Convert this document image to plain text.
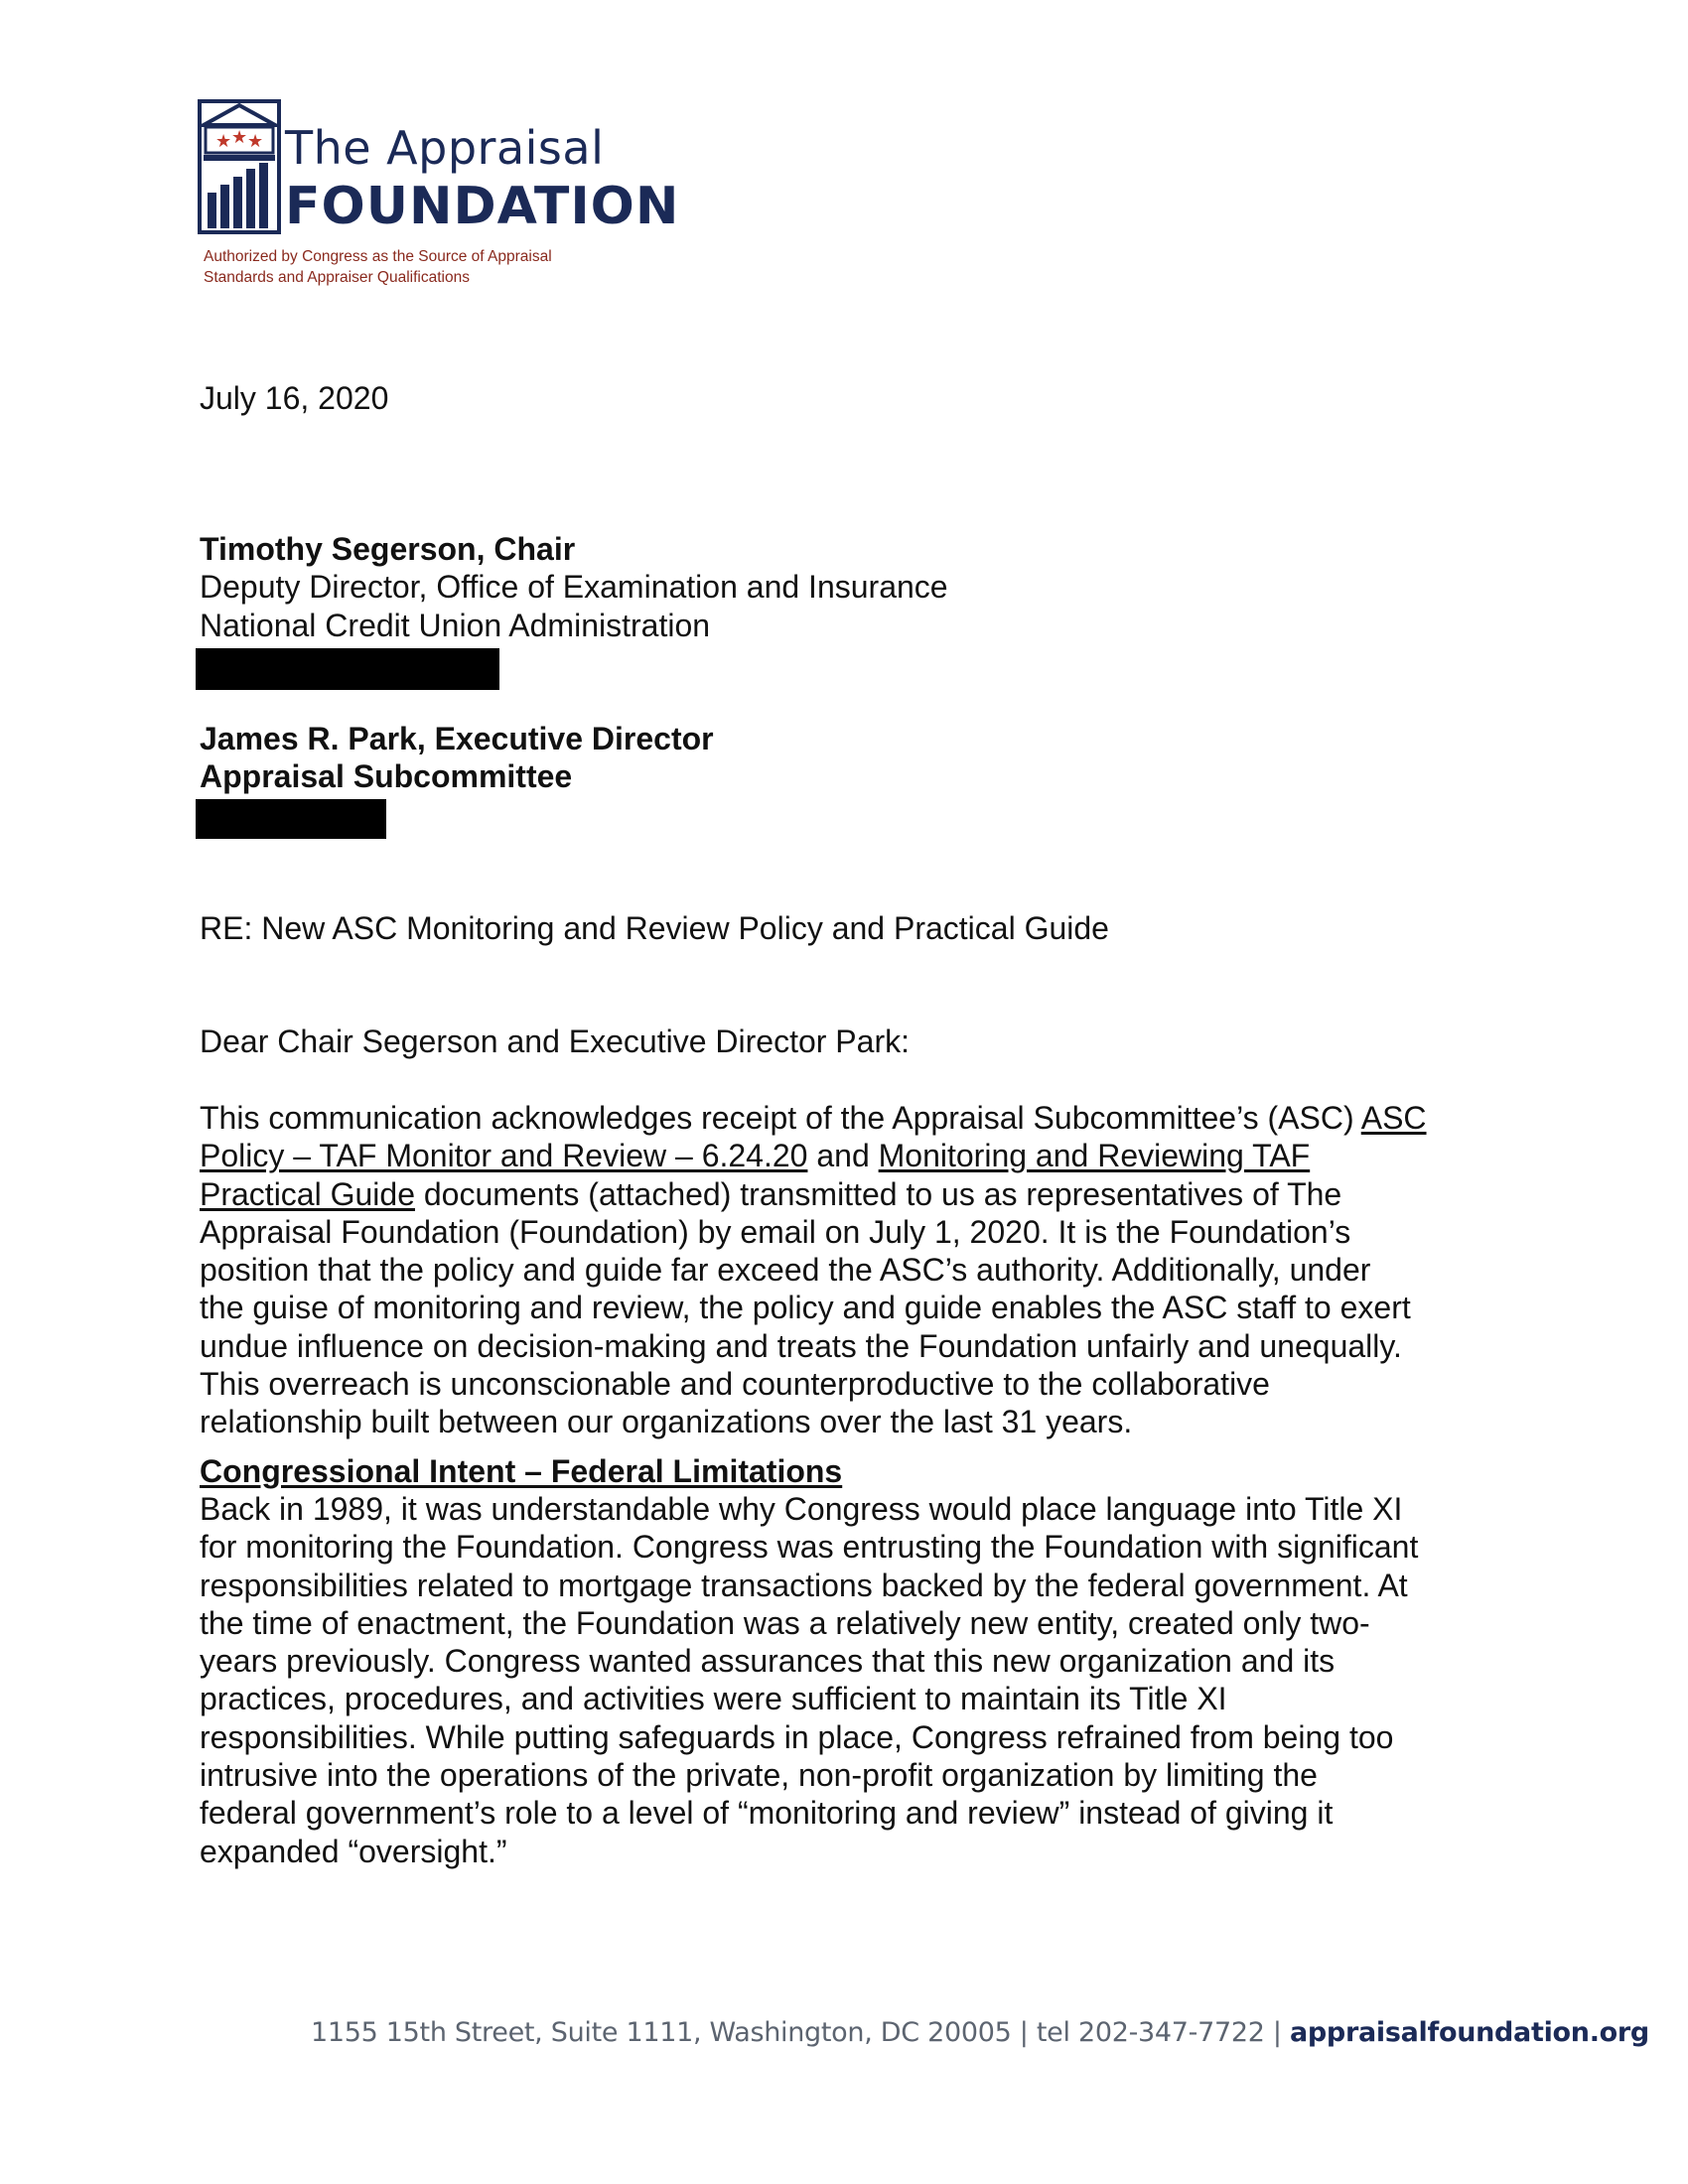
★ ★ ★ The Appraisal
FOUNDATION
Authorized by Congress as the Source of Appraisal
Standards and Appraiser Qualifications
July 16, 2020
Timothy Segerson, Chair
Deputy Director, Office of Examination and Insurance
National Credit Union Administration
James R. Park, Executive Director
Appraisal Subcommittee
RE: New ASC Monitoring and Review Policy and Practical Guide
Dear Chair Segerson and Executive Director Park:
This communication acknowledges receipt of the Appraisal Subcommittee’s (ASC) ASC
Policy – TAF Monitor and Review – 6.24.20 and Monitoring and Reviewing TAF
Practical Guide documents (attached) transmitted to us as representatives of The
Appraisal Foundation (Foundation) by email on July 1, 2020. It is the Foundation’s
position that the policy and guide far exceed the ASC’s authority. Additionally, under
the guise of monitoring and review, the policy and guide enables the ASC staff to exert
undue influence on decision-making and treats the Foundation unfairly and unequally.
This overreach is unconscionable and counterproductive to the collaborative
relationship built between our organizations over the last 31 years.
Congressional Intent – Federal Limitations
Back in 1989, it was understandable why Congress would place language into Title XI
for monitoring the Foundation. Congress was entrusting the Foundation with significant
responsibilities related to mortgage transactions backed by the federal government. At
the time of enactment, the Foundation was a relatively new entity, created only two-
years previously. Congress wanted assurances that this new organization and its
practices, procedures, and activities were sufficient to maintain its Title XI
responsibilities. While putting safeguards in place, Congress refrained from being too
intrusive into the operations of the private, non-profit organization by limiting the
federal government’s role to a level of “monitoring and review” instead of giving it
expanded “oversight.”
1155 15th Street, Suite 1111, Washington, DC 20005 | tel 202-347-7722 | appraisalfoundation.org
